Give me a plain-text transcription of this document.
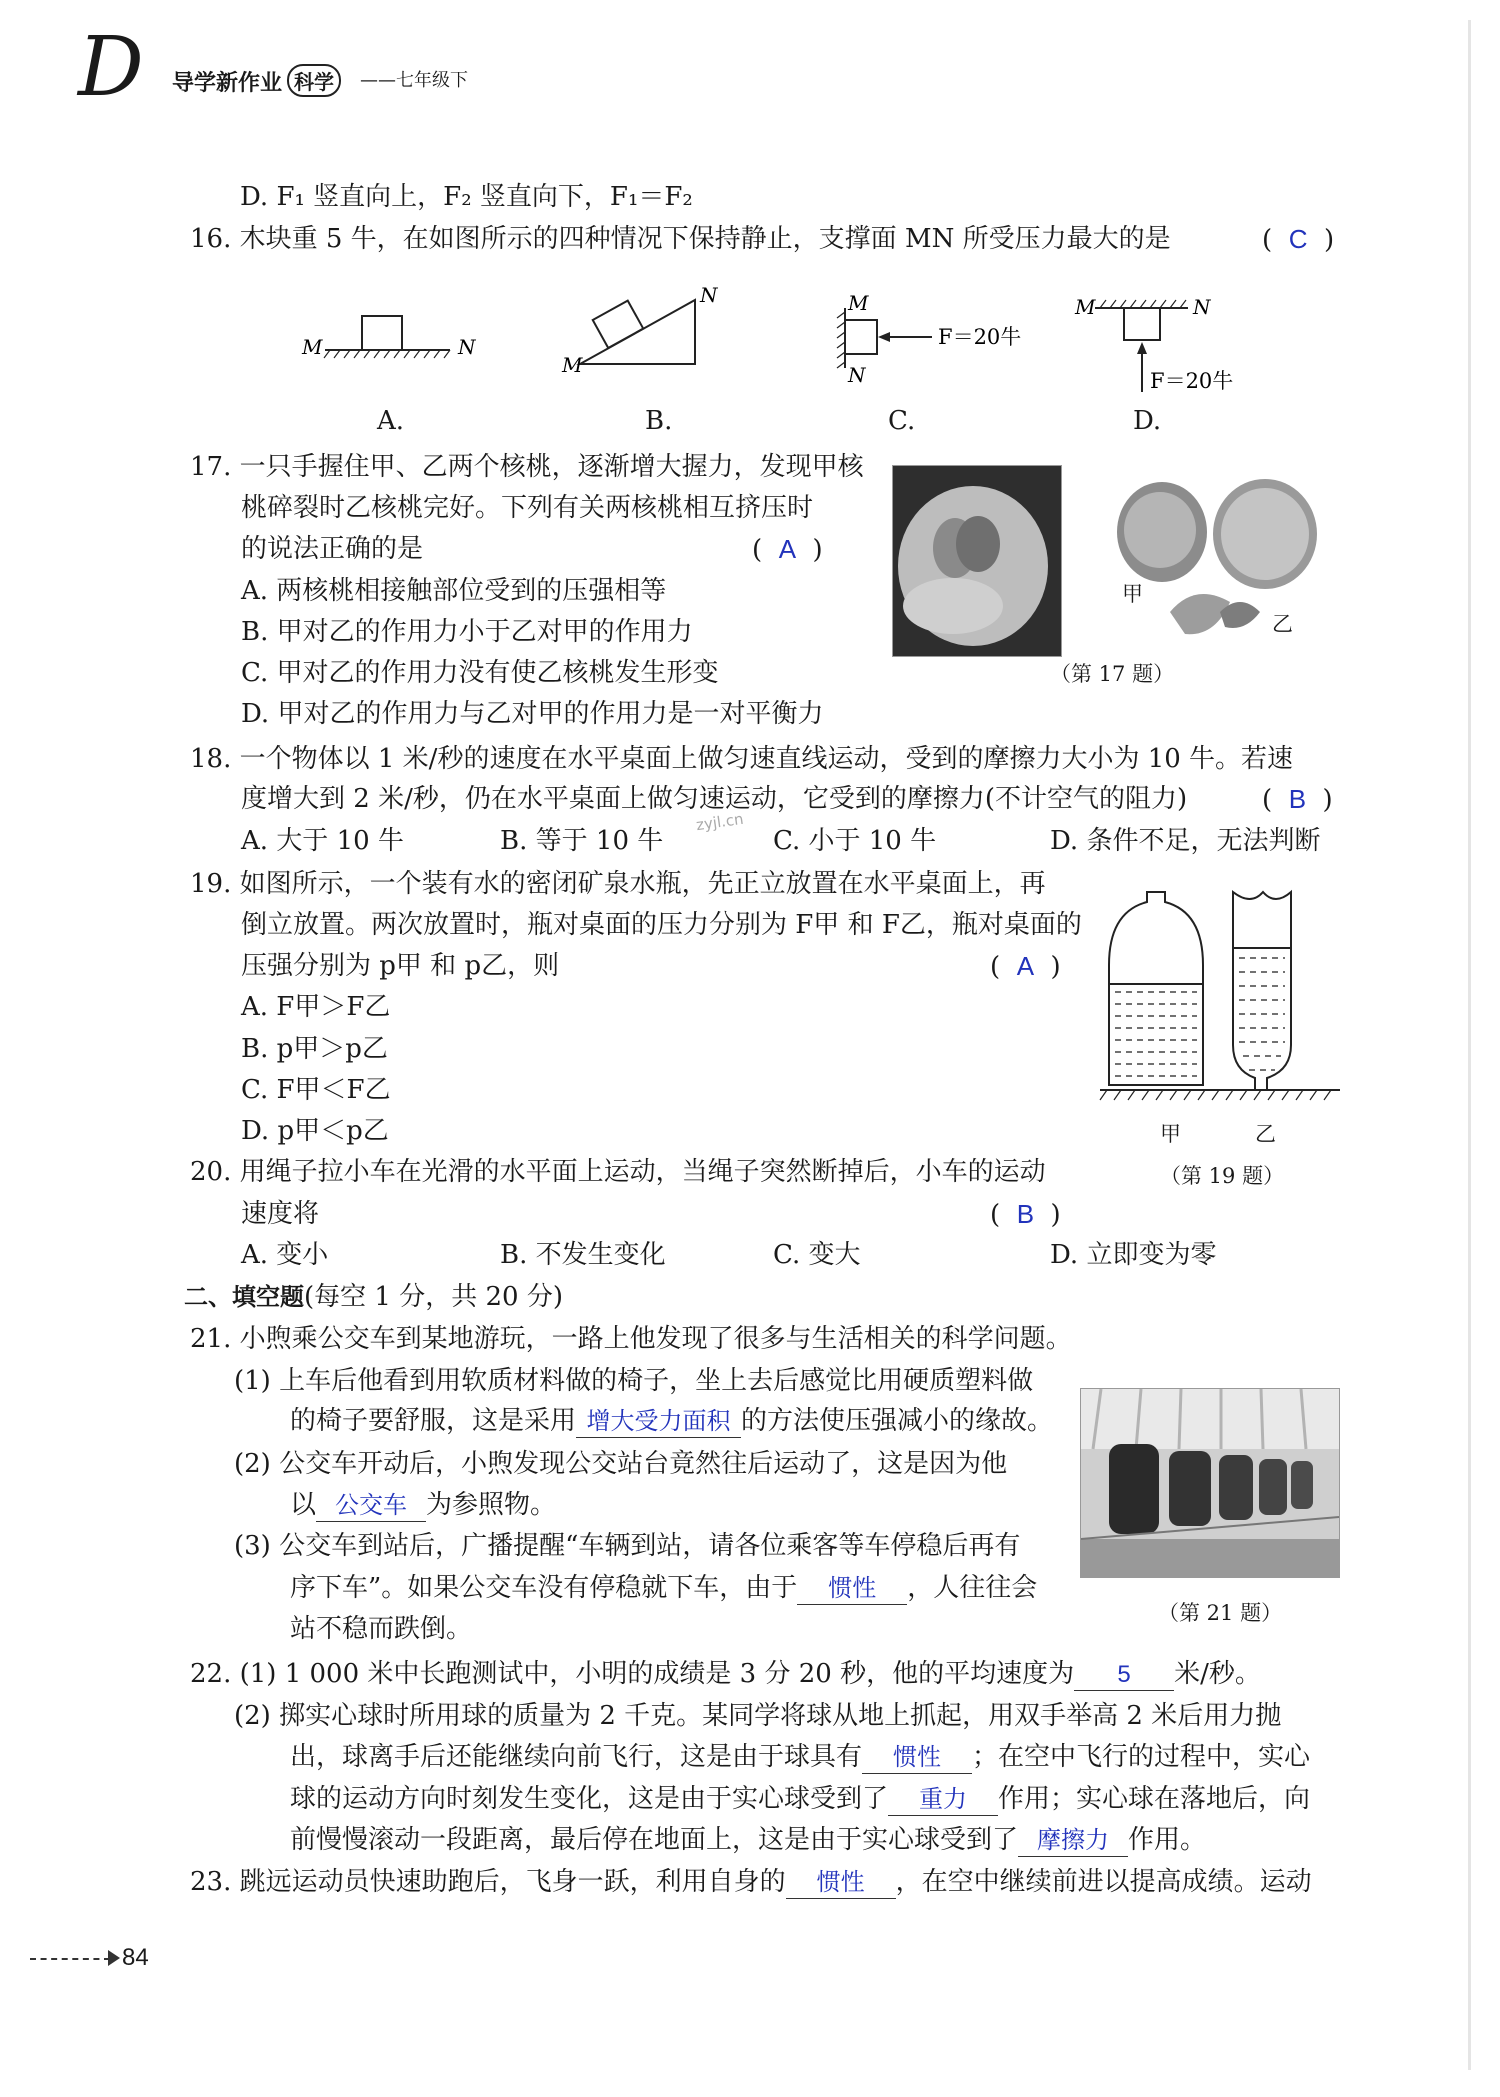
D 导学新作业 科学	——七年级下
D. F₁ 竖直向上，F₂ 竖直向下，F₁＝F₂
16. 木块重 5 牛，在如图所示的四种情况下保持静止，支撑面 MN 所受压力最大的是	(  C  )
M	N
M
N	M
N
F＝20牛
M	N
F＝20牛
A.	B.	C.	D.
17. 一只手握住甲、乙两个核桃，逐渐增大握力，发现甲核
桃碎裂时乙核桃完好。下列有关两核桃相互挤压时
的说法正确的是	(  A  )
A. 两核桃相接触部位受到的压强相等
B. 甲对乙的作用力小于乙对甲的作用力
C. 甲对乙的作用力没有使乙核桃发生形变
D. 甲对乙的作用力与乙对甲的作用力是一对平衡力
甲
乙
（第 17 题）
18. 一个物体以 1 米/秒的速度在水平桌面上做匀速直线运动，受到的摩擦力大小为 10 牛。若速
度增大到 2 米/秒，仍在水平桌面上做匀速运动，它受到的摩擦力(不计空气的阻力)	(  B  )
A. 大于 10 牛	B. 等于 10 牛	C. 小于 10 牛	D. 条件不足，无法判断
zyjl.cn
19. 如图所示，一个装有水的密闭矿泉水瓶，先正立放置在水平桌面上，再
倒立放置。两次放置时，瓶对桌面的压力分别为 F甲 和 F乙，瓶对桌面的
压强分别为 p甲 和 p乙，则	(  A  )
A. F甲＞F乙
B. p甲＞p乙
C. F甲＜F乙
D. p甲＜p乙	甲	乙
（第 19 题）
20. 用绳子拉小车在光滑的水平面上运动，当绳子突然断掉后，小车的运动
速度将	(  B  )
A. 变小	B. 不发生变化	C. 变大	D. 立即变为零
二、填空题(每空 1 分，共 20 分)
21. 小煦乘公交车到某地游玩，一路上他发现了很多与生活相关的科学问题。
(1) 上车后他看到用软质材料做的椅子，坐上去后感觉比用硬质塑料做
的椅子要舒服，这是采用 增大受力面积 的方法使压强减小的缘故。
(2) 公交车开动后，小煦发现公交站台竟然往后运动了，这是因为他
以 公交车 为参照物。
(3) 公交车到站后，广播提醒“车辆到站，请各位乘客等车停稳后再有
序下车”。如果公交车没有停稳就下车，由于 惯性 ，人往往会
站不稳而跌倒。
（第 21 题）
22. (1) 1 000 米中长跑测试中，小明的成绩是 3 分 20 秒，他的平均速度为 5 米/秒。
(2) 掷实心球时所用球的质量为 2 千克。某同学将球从地上抓起，用双手举高 2 米后用力抛
出，球离手后还能继续向前飞行，这是由于球具有 惯性 ；在空中飞行的过程中，实心
球的运动方向时刻发生变化，这是由于实心球受到了 重力 作用；实心球在落地后，向
前慢慢滚动一段距离，最后停在地面上，这是由于实心球受到了 摩擦力 作用。
23. 跳远运动员快速助跑后，飞身一跃，利用自身的 惯性 ，在空中继续前进以提高成绩。运动
84
